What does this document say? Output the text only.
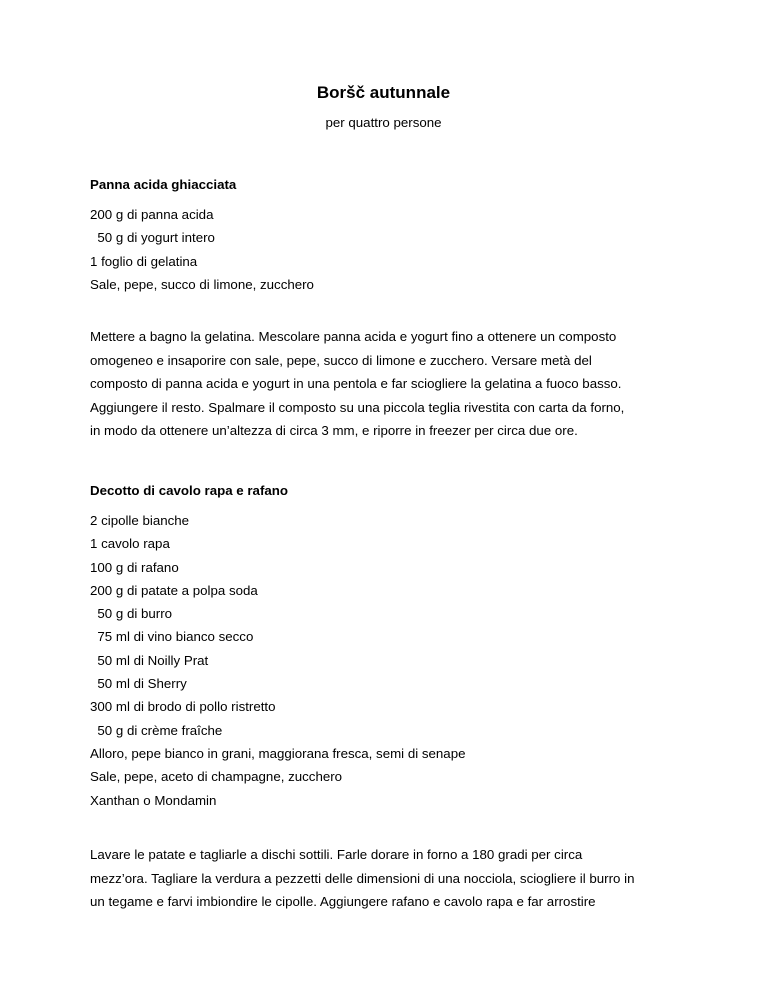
Boršč autunnale
per quattro persone
Panna acida ghiacciata
200 g di panna acida
50 g di yogurt intero
1 foglio di gelatina
Sale, pepe, succo di limone, zucchero
Mettere a bagno la gelatina. Mescolare panna acida e yogurt fino a ottenere un composto
omogeneo e insaporire con sale, pepe, succo di limone e zucchero. Versare metà del
composto di panna acida e yogurt in una pentola e far sciogliere la gelatina a fuoco basso.
Aggiungere il resto. Spalmare il composto su una piccola teglia rivestita con carta da forno,
in modo da ottenere un’altezza di circa 3 mm, e riporre in freezer per circa due ore.
Decotto di cavolo rapa e rafano
2 cipolle bianche
1 cavolo rapa
100 g di rafano
200 g di patate a polpa soda
50 g di burro
75 ml di vino bianco secco
50 ml di Noilly Prat
50 ml di Sherry
300 ml di brodo di pollo ristretto
50 g di crème fraîche
Alloro, pepe bianco in grani, maggiorana fresca, semi di senape
Sale, pepe, aceto di champagne, zucchero
Xanthan o Mondamin
Lavare le patate e tagliarle a dischi sottili. Farle dorare in forno a 180 gradi per circa
mezz’ora. Tagliare la verdura a pezzetti delle dimensioni di una nocciola, sciogliere il burro in
un tegame e farvi imbiondire le cipolle. Aggiungere rafano e cavolo rapa e far arrostire
